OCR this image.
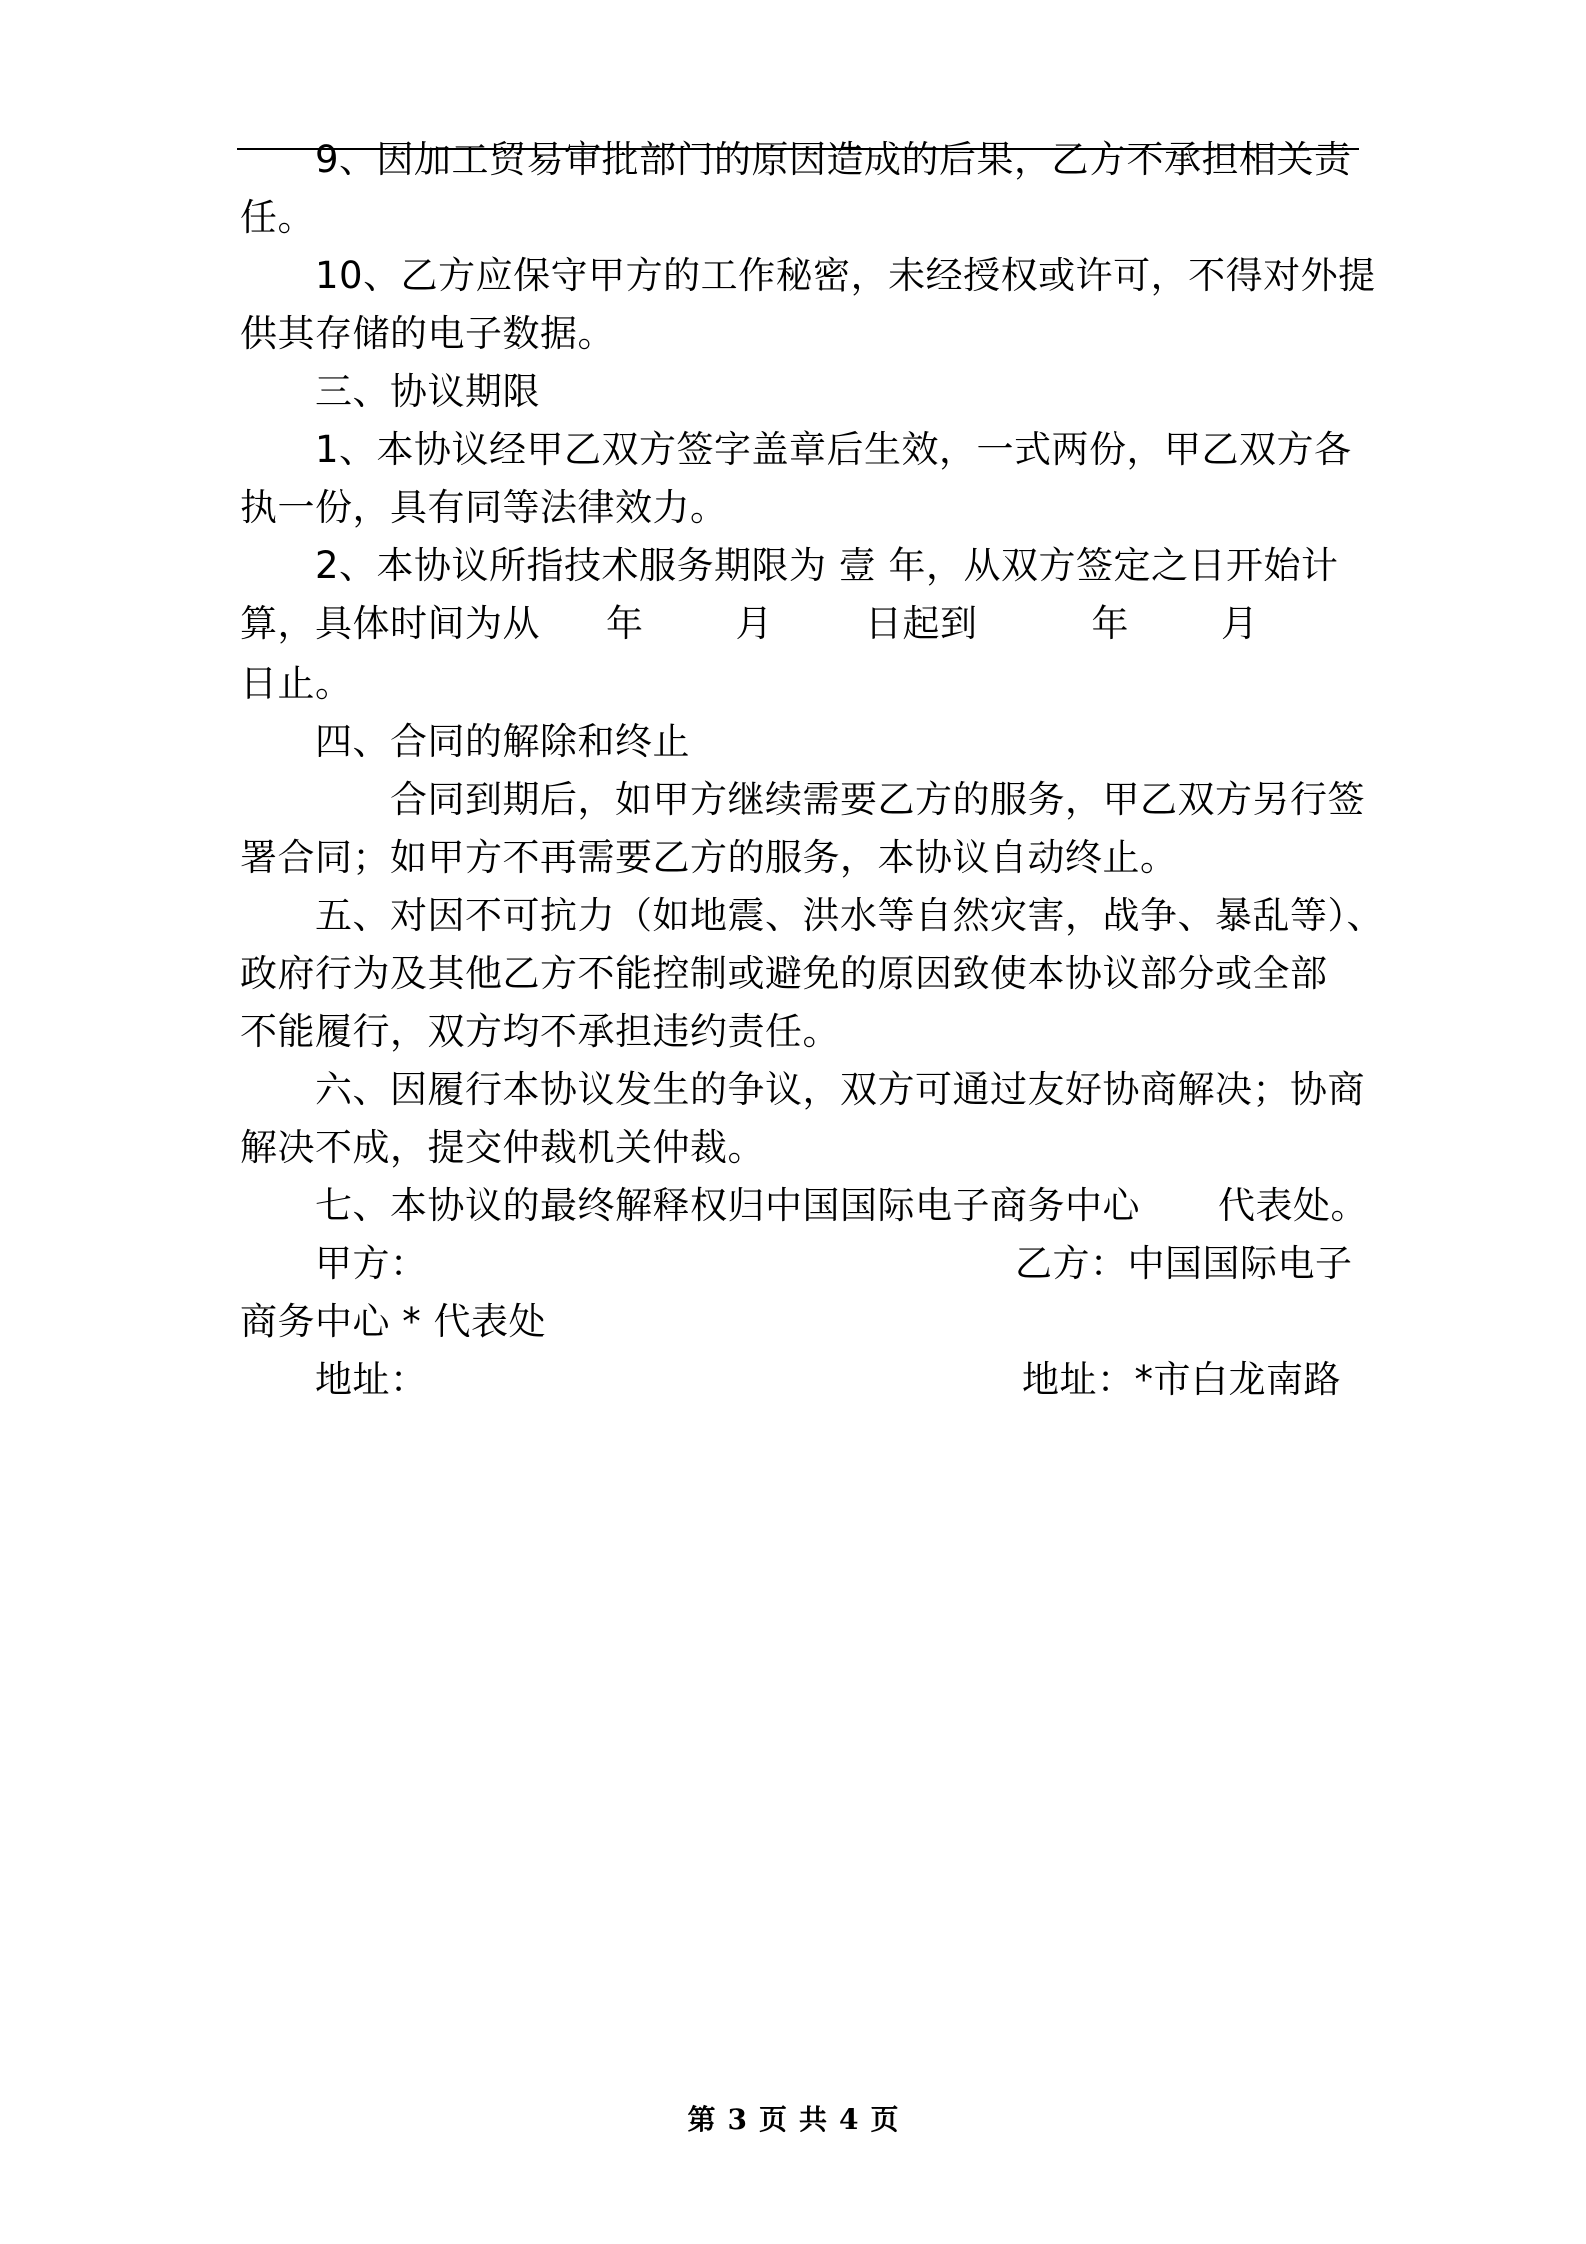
9、因加工贸易审批部门的原因造成的后果，乙方不承担相关责
任。
10、乙方应保守甲方的工作秘密，未经授权或许可，不得对外提
供其存储的电子数据。
三、协议期限
1、本协议经甲乙双方签字盖章后生效，一式两份，甲乙双方各
执一份，具有同等法律效力。
2、本协议所指技术服务期限为 壹 年，从双方签定之日开始计
算，具体时间为从 年 月 日起到	年 月
日止。
四、合同的解除和终止
合同到期后，如甲方继续需要乙方的服务，甲乙双方另行签
署合同；如甲方不再需要乙方的服务，本协议自动终止。
五、对因不可抗力（如地震、洪水等自然灾害，战争、暴乱等）、
政府行为及其他乙方不能控制或避免的原因致使本协议部分或全部
不能履行，双方均不承担违约责任。
六、因履行本协议发生的争议，双方可通过友好协商解决；协商
解决不成，提交仲裁机关仲裁。
七、本协议的最终解释权归中国国际电子商务中心 代表处。
甲方：	乙方：中国国际电子
商务中心 * 代表处
地址：	地址：*市白龙南路
第 3 页 共 4 页
